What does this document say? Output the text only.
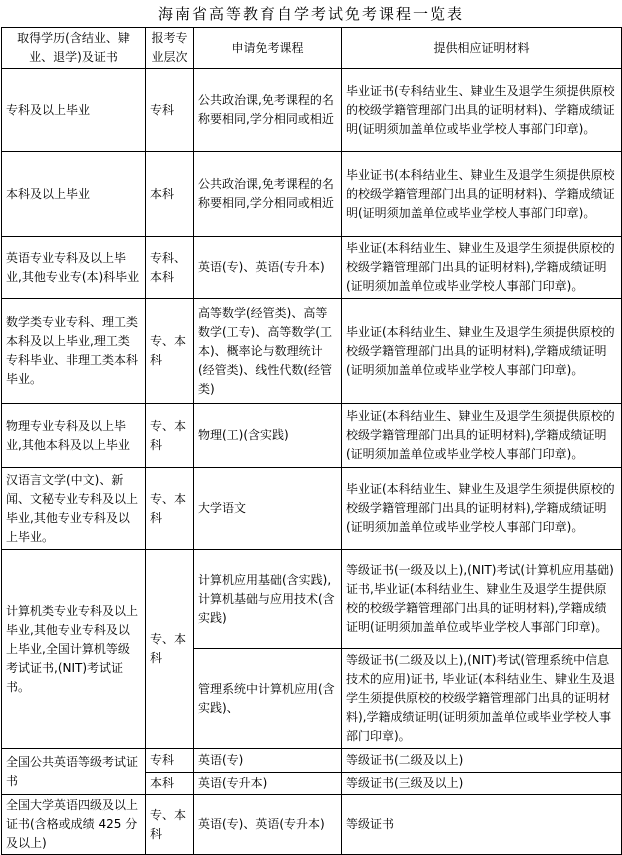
海南省高等教育自学考试免考课程一览表
取得学历(含结业、肄业、退学)及证书	报考专业层次	申请免考课程	提供相应证明材料
专科及以上毕业	专科	公共政治课,免考课程的名称要相同,学分相同或相近	毕业证书(专科结业生、肄业生及退学生须提供原校的校级学籍管理部门出具的证明材料)、学籍成绩证明(证明须加盖单位或毕业学校人事部门印章)。
本科及以上毕业	本科	公共政治课,免考课程的名称要相同,学分相同或相近	毕业证书(本科结业生、肄业生及退学生须提供原校的校级学籍管理部门出具的证明材料)、学籍成绩证明(证明须加盖单位或毕业学校人事部门印章)。
英语专业专科及以上毕业,其他专业专(本)科毕业	专科、本科	英语(专)、英语(专升本)	毕业证(本科结业生、肄业生及退学生须提供原校的校级学籍管理部门出具的证明材料),学籍成绩证明(证明须加盖单位或毕业学校人事部门印章)。
数学类专业专科、理工类本科及以上毕业,理工类专科毕业、非理工类本科毕业。	专、本科	高等数学(经管类)、高等数学(工专)、高等数学(工本)、概率论与数理统计(经管类)、线性代数(经管类)	毕业证(本科结业生、肄业生及退学生须提供原校的校级学籍管理部门出具的证明材料),学籍成绩证明(证明须加盖单位或毕业学校人事部门印章)。
物理专业专科及以上毕业,其他本科及以上毕业	专、本科	物理(工)(含实践)	毕业证(本科结业生、肄业生及退学生须提供原校的校级学籍管理部门出具的证明材料),学籍成绩证明(证明须加盖单位或毕业学校人事部门印章)。
汉语言文学(中文)、新闻、文秘专业专科及以上毕业,其他专业专科及以上毕业。	专、本科	大学语文	毕业证(本科结业生、肄业生及退学生须提供原校的校级学籍管理部门出具的证明材料),学籍成绩证明(证明须加盖单位或毕业学校人事部门印章)。
计算机类专业专科及以上毕业,其他专业专科及以上毕业,全国计算机等级考试证书,(NIT)考试证书。	专、本科	计算机应用基础(含实践),计算机基础与应用技术(含实践)	等级证书(一级及以上),(NIT)考试(计算机应用基础)证书,毕业证(本科结业生、肄业生及退学生提供原校的校级学籍管理部门出具的证明材料),学籍成绩证明(证明须加盖单位或毕业学校人事部门印章)。
		管理系统中计算机应用(含实践)、	等级证书(二级及以上),(NIT)考试(管理系统中信息技术的应用)证书, 毕业证(本科结业生、肄业生及退学生须提供原校的校级学籍管理部门出具的证明材料),学籍成绩证明(证明须加盖单位或毕业学校人事部门印章)。
全国公共英语等级考试证书	专科	英语(专)	等级证书(二级及以上)
	本科	英语(专升本)	等级证书(三级及以上)
全国大学英语四级及以上证书(含格或成绩 425 分及以上)	专、本科	英语(专)、英语(专升本)	等级证书
